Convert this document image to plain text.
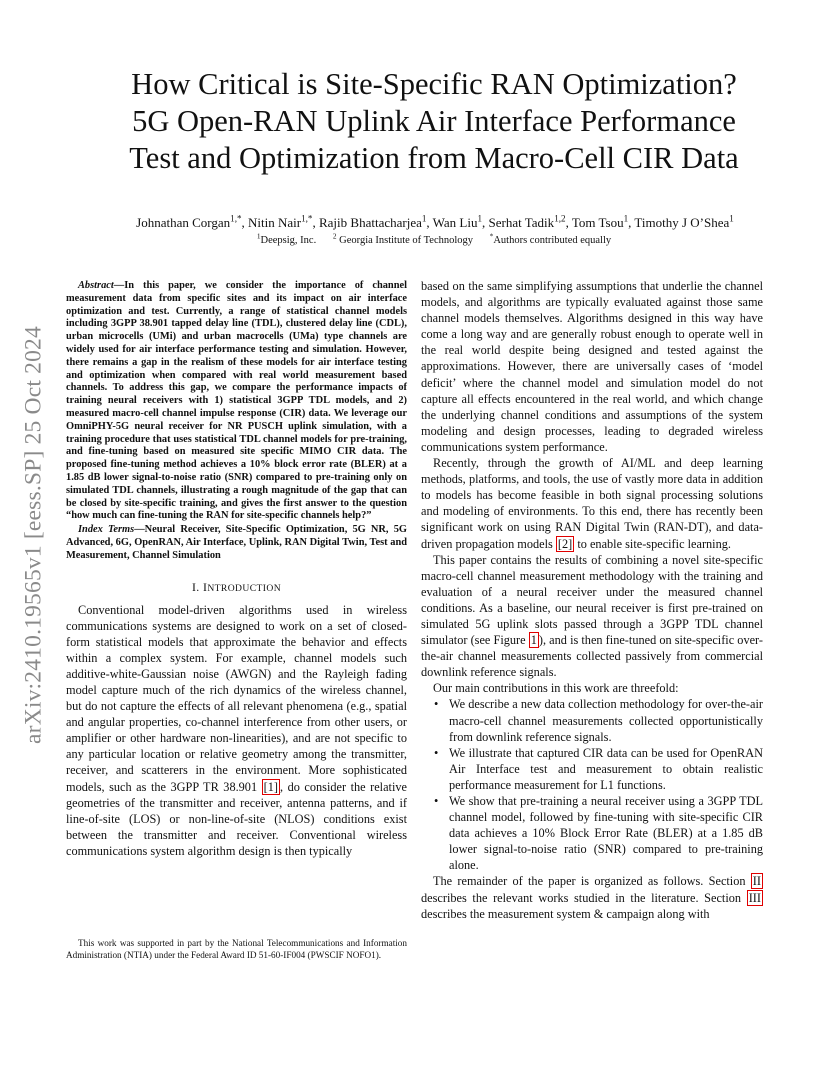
arXiv:2410.19565v1 [eess.SP] 25 Oct 2024
How Critical is Site-Specific RAN Optimization?
5G Open-RAN Uplink Air Interface Performance
Test and Optimization from Macro-Cell CIR Data
Johnathan Corgan$^{1,*}$, Nitin Nair$^{1,*}$, Rajib Bhattacharjea$^1$, Wan Liu$^1$, Serhat Tadik$^{1,2}$, Tom Tsou$^1$, Timothy J O’Shea$^1$
$^1$Deepsig, Inc. $^2$ Georgia Institute of Technology *Authors contributed equally

Abstract—In this paper, we consider the importance of channel measurement data from specific sites and its impact on air interface optimization and test. Currently, a range of statistical channel models including 3GPP 38.901 tapped delay line (TDL), clustered delay line (CDL), urban microcells (UMi) and urban macrocells (UMa) type channels are widely used for air interface performance testing and simulation. However, there remains a gap in the realism of these models for air interface testing and optimization when compared with real world measurement based channels. To address this gap, we compare the performance impacts of training neural receivers with 1) statistical 3GPP TDL models, and 2) measured macro-cell channel impulse response (CIR) data. We leverage our OmniPHY-5G neural receiver for NR PUSCH uplink simulation, with a training procedure that uses statistical TDL channel models for pre-training, and fine-tuning based on measured site specific MIMO CIR data. The proposed fine-tuning method achieves a 10% block error rate (BLER) at a 1.85 dB lower signal-to-noise ratio (SNR) compared to pre-training only on simulated TDL channels, illustrating a rough magnitude of the gap that can be closed by site-specific training, and gives the first answer to the question “how much can fine-tuning the RAN for site-specific channels help?”

Index Terms—Neural Receiver, Site-Specific Optimization, 5G NR, 5G Advanced, 6G, OpenRAN, Air Interface, Uplink, RAN Digital Twin, Test and Measurement, Channel Simulation

I. INTRODUCTION

Conventional model-driven algorithms used in wireless communications systems are designed to work on a set of closed-form statistical models that approximate the behavior and effects within a complex system. For example, channel models such additive-white-Gaussian noise (AWGN) and the Rayleigh fading model capture much of the rich dynamics of the wireless channel, but do not capture the effects of all relevant phenomena (e.g., spatial and angular properties, co-channel interference from other users, or amplifier or other hardware non-linearities), and are not specific to any particular location or relative geometry among the transmitter, receiver, and scatterers in the environment. More sophisticated models, such as the 3GPP TR 38.901 [1] , do consider the relative geometries of the transmitter and receiver, antenna patterns, and if line-of-site (LOS) or non-line-of-site (NLOS) conditions exist between the transmitter and receiver. Conventional wireless communications system algorithm design is then typically

This work was supported in part by the National Telecommunications and Information Administration (NTIA) under the Federal Award ID 51-60-IF004 (PWSCIF NOFO1).

based on the same simplifying assumptions that underlie the channel models, and algorithms are typically evaluated against those same channel models themselves. Algorithms designed in this way have come a long way and are generally robust enough to operate well in the real world despite being designed and tested against the approximations. However, there are universally cases of ‘model deficit’ where the channel model and simulation model do not capture all effects encountered in the real world, and which change the underlying channel conditions and assumptions of the system modeling and design processes, leading to degraded wireless communications system performance.

Recently, through the growth of AI/ML and deep learning methods, platforms, and tools, the use of vastly more data in addition to models has become feasible in both signal processing solutions and modeling of environments. To this end, there has recently been significant work on using RAN Digital Twin (RAN-DT), and data-driven propagation models [2] to enable site-specific learning.

This paper contains the results of combining a novel site-specific macro-cell channel measurement methodology with the training and evaluation of a neural receiver under the measured channel conditions. As a baseline, our neural receiver is first pre-trained on simulated 5G uplink slots passed through a 3GPP TDL channel simulator (see Figure 1 ), and is then fine-tuned on site-specific over-the-air channel measurements collected passively from commercial downlink reference signals.

Our main contributions in this work are threefold:

• We describe a new data collection methodology for over-the-air macro-cell channel measurements collected opportunistically from downlink reference signals.
• We illustrate that captured CIR data can be used for OpenRAN Air Interface test and measurement to obtain realistic performance measurement for L1 functions.
• We show that pre-training a neural receiver using a 3GPP TDL channel model, followed by fine-tuning with site-specific CIR data achieves a 10% Block Error Rate (BLER) at a 1.85 dB lower signal-to-noise ratio (SNR) compared to pre-training alone.

The remainder of the paper is organized as follows. Section II describes the relevant works studied in the literature. Section III describes the measurement system & campaign along with
